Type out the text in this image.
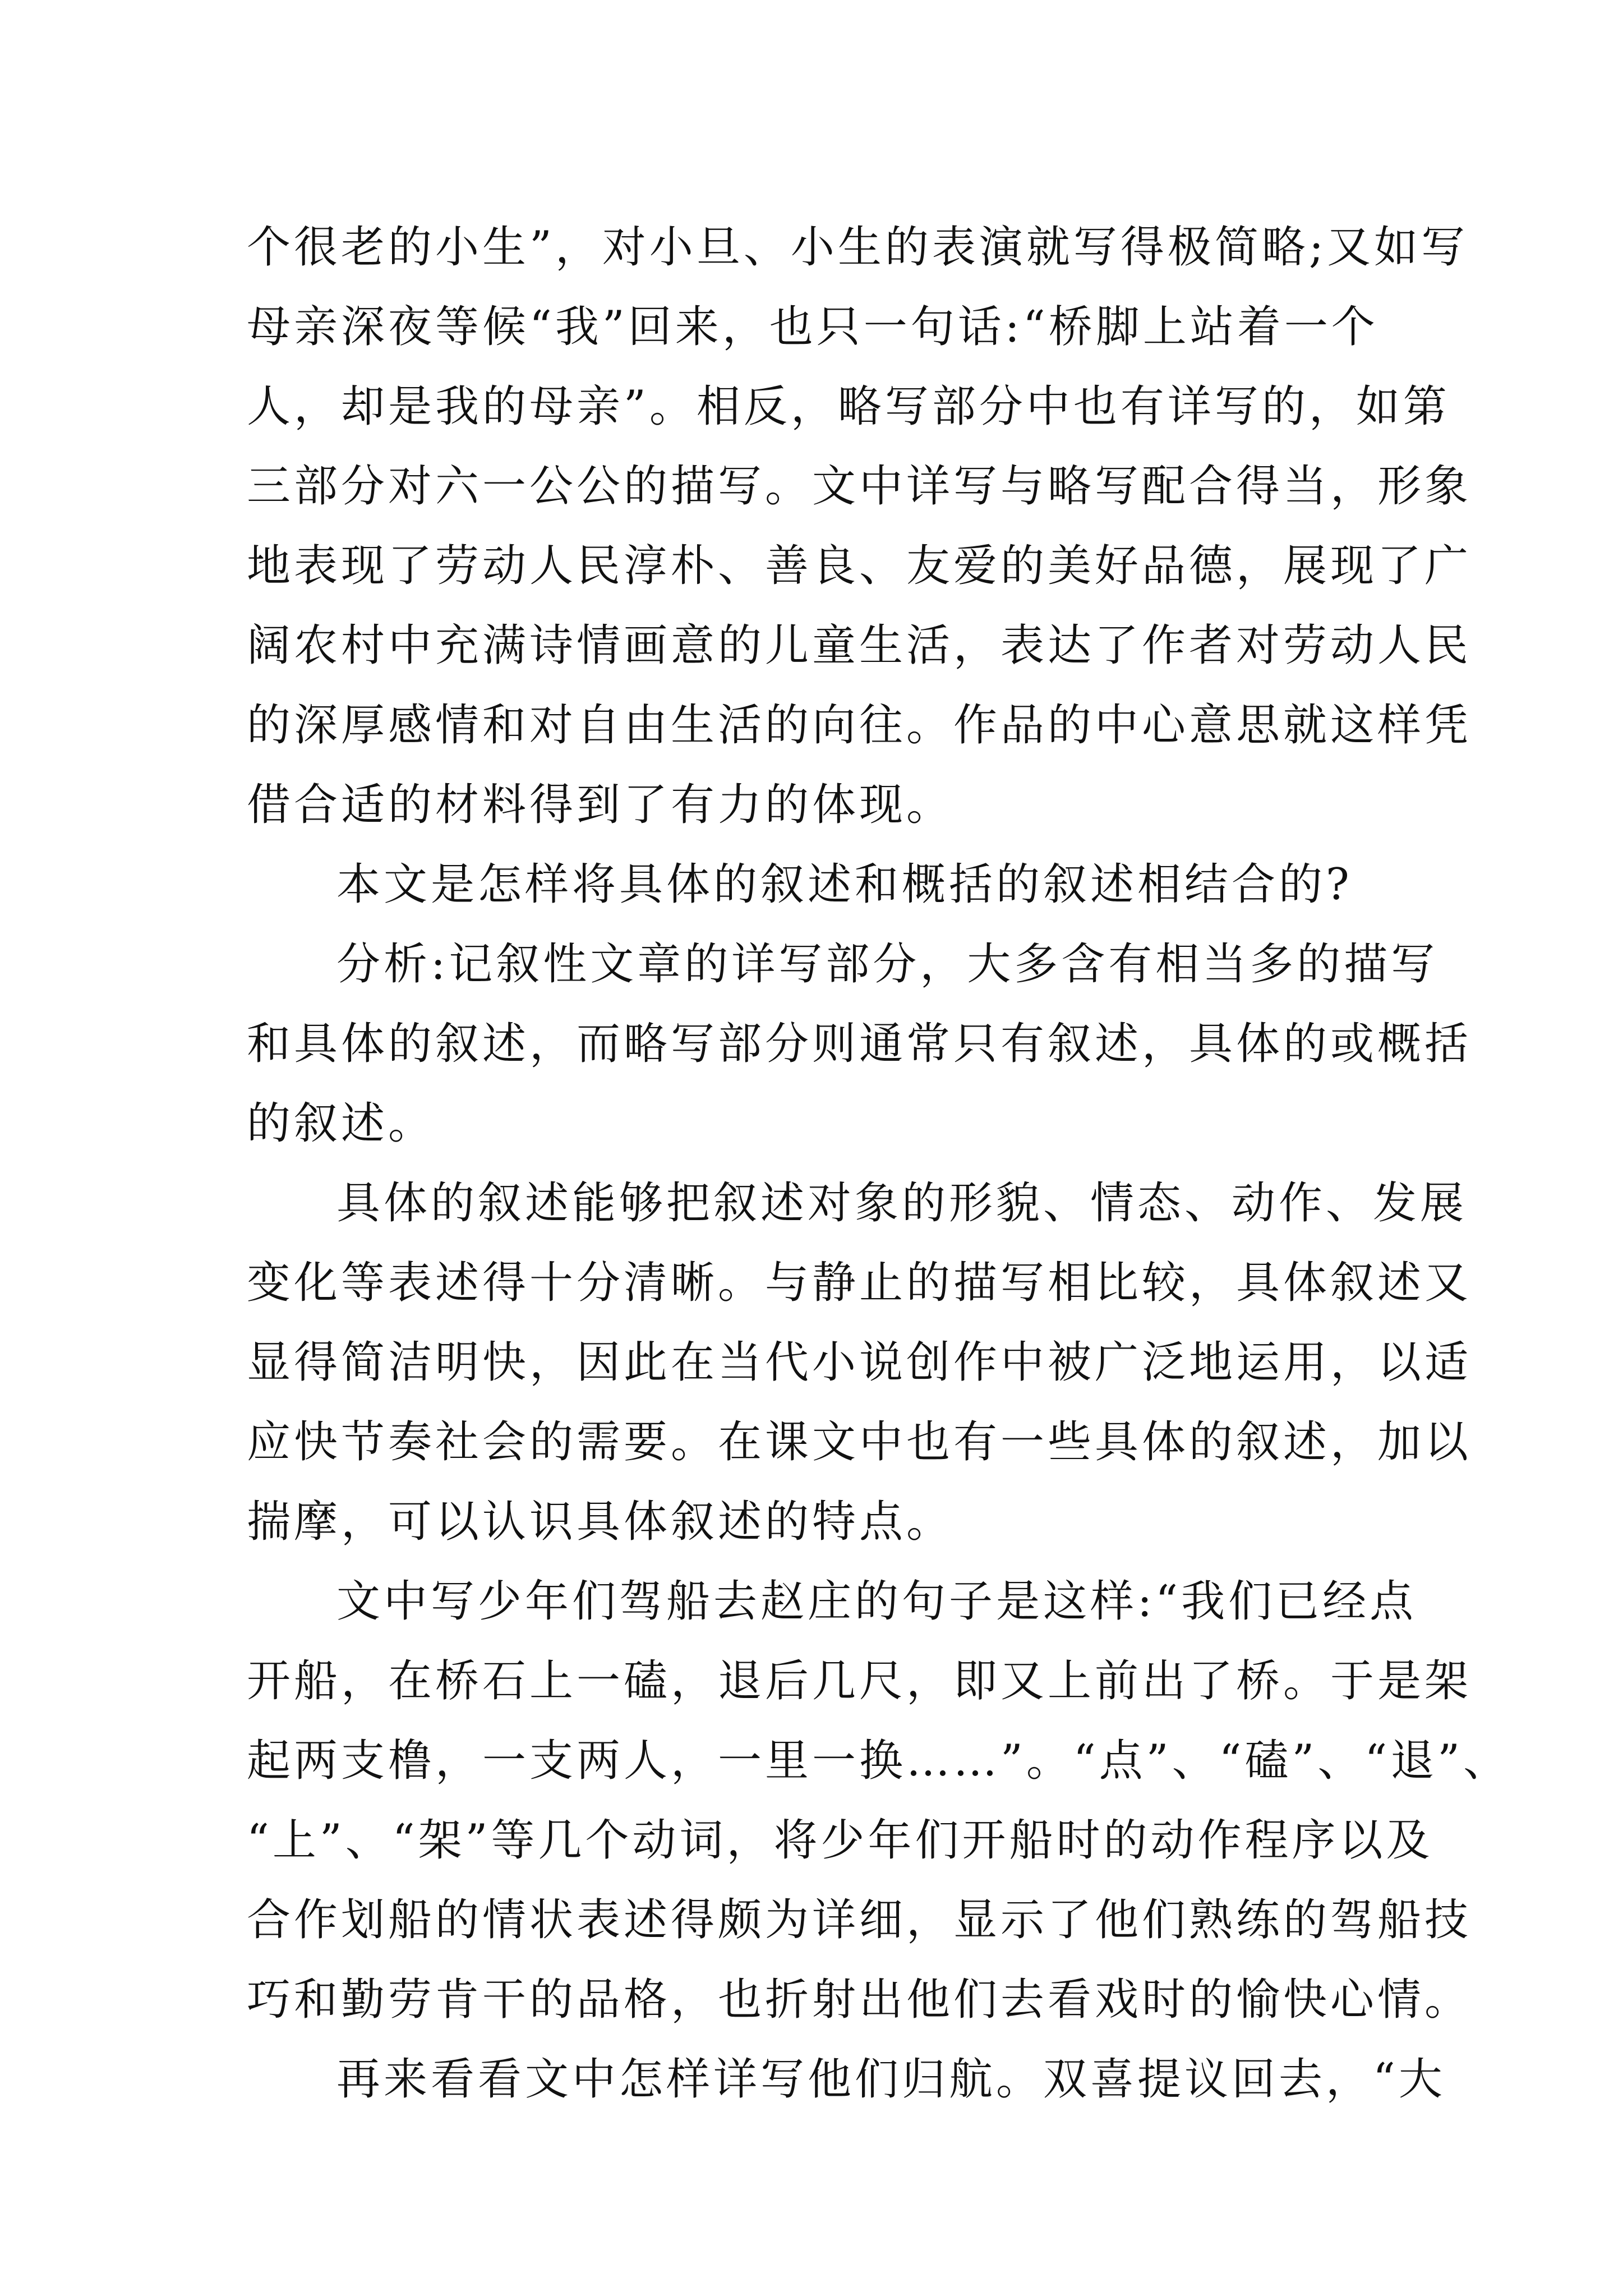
个很老的小生”，对小旦、小生的表演就写得极简略;又如写
母亲深夜等候“我”回来，也只一句话:“桥脚上站着一个
人，却是我的母亲”。相反，略写部分中也有详写的，如第
三部分对六一公公的描写。文中详写与略写配合得当，形象
地表现了劳动人民淳朴、善良、友爱的美好品德，展现了广
阔农村中充满诗情画意的儿童生活，表达了作者对劳动人民
的深厚感情和对自由生活的向往。作品的中心意思就这样凭
借合适的材料得到了有力的体现。
本文是怎样将具体的叙述和概括的叙述相结合的?
分析:记叙性文章的详写部分，大多含有相当多的描写
和具体的叙述，而略写部分则通常只有叙述，具体的或概括
的叙述。
具体的叙述能够把叙述对象的形貌、情态、动作、发展
变化等表述得十分清晰。与静止的描写相比较，具体叙述又
显得简洁明快，因此在当代小说创作中被广泛地运用，以适
应快节奏社会的需要。在课文中也有一些具体的叙述，加以
揣摩，可以认识具体叙述的特点。
文中写少年们驾船去赵庄的句子是这样:“我们已经点
开船，在桥石上一磕，退后几尺，即又上前出了桥。于是架
起两支橹，一支两人，一里一换……”。“点”、“磕”、“退”、
“上”、“架”等几个动词，将少年们开船时的动作程序以及
合作划船的情状表述得颇为详细，显示了他们熟练的驾船技
巧和勤劳肯干的品格，也折射出他们去看戏时的愉快心情。
再来看看文中怎样详写他们归航。双喜提议回去，“大
